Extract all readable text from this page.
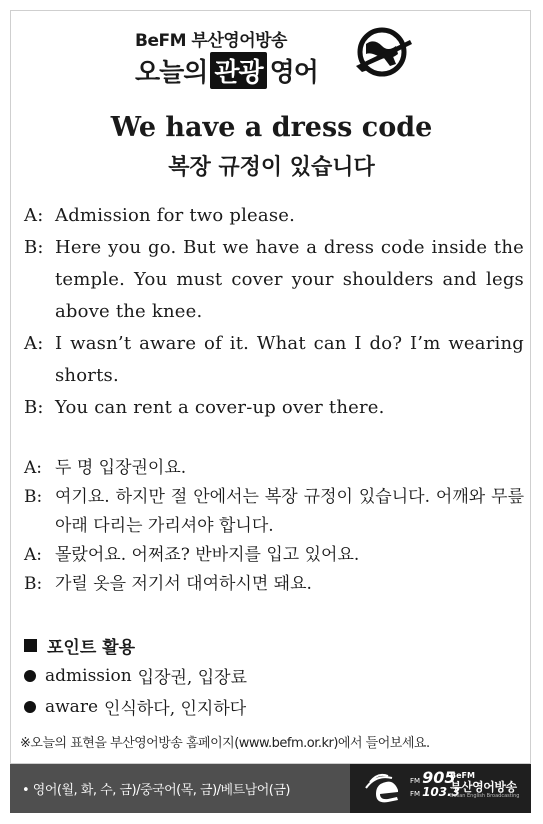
BeFM 부산영어방송
오늘의 관광 영어
We have a dress code
복장 규정이 있습니다
A: Admission for two please.
B: Here you go. But we have a dress code inside the temple. You must cover your shoulders and legs above the knee.
A: I wasn’t aware of it. What can I do? I’m wearing shorts.
B: You can rent a cover-up over there.
A: 두 명 입장권이요.
B: 여기요. 하지만 절 안에서는 복장 규정이 있습니다. 어깨와 무릎 아래 다리는 가리셔야 합니다.
A: 몰랐어요. 어쩌죠? 반바지를 입고 있어요.
B: 가릴 옷을 저기서 대여하시면 돼요.
포인트 활용
admission 입장권, 입장료
aware 인식하다, 인지하다
※오늘의 표현을 부산영어방송 홈페이지(www.befm.or.kr)에서 들어보세요.
• 영어(월, 화, 수, 금)/중국어(목, 금)/베트남어(금)
FM 905
FM 103.3
BeFM
부산영어방송
Busan English Broadcasting
